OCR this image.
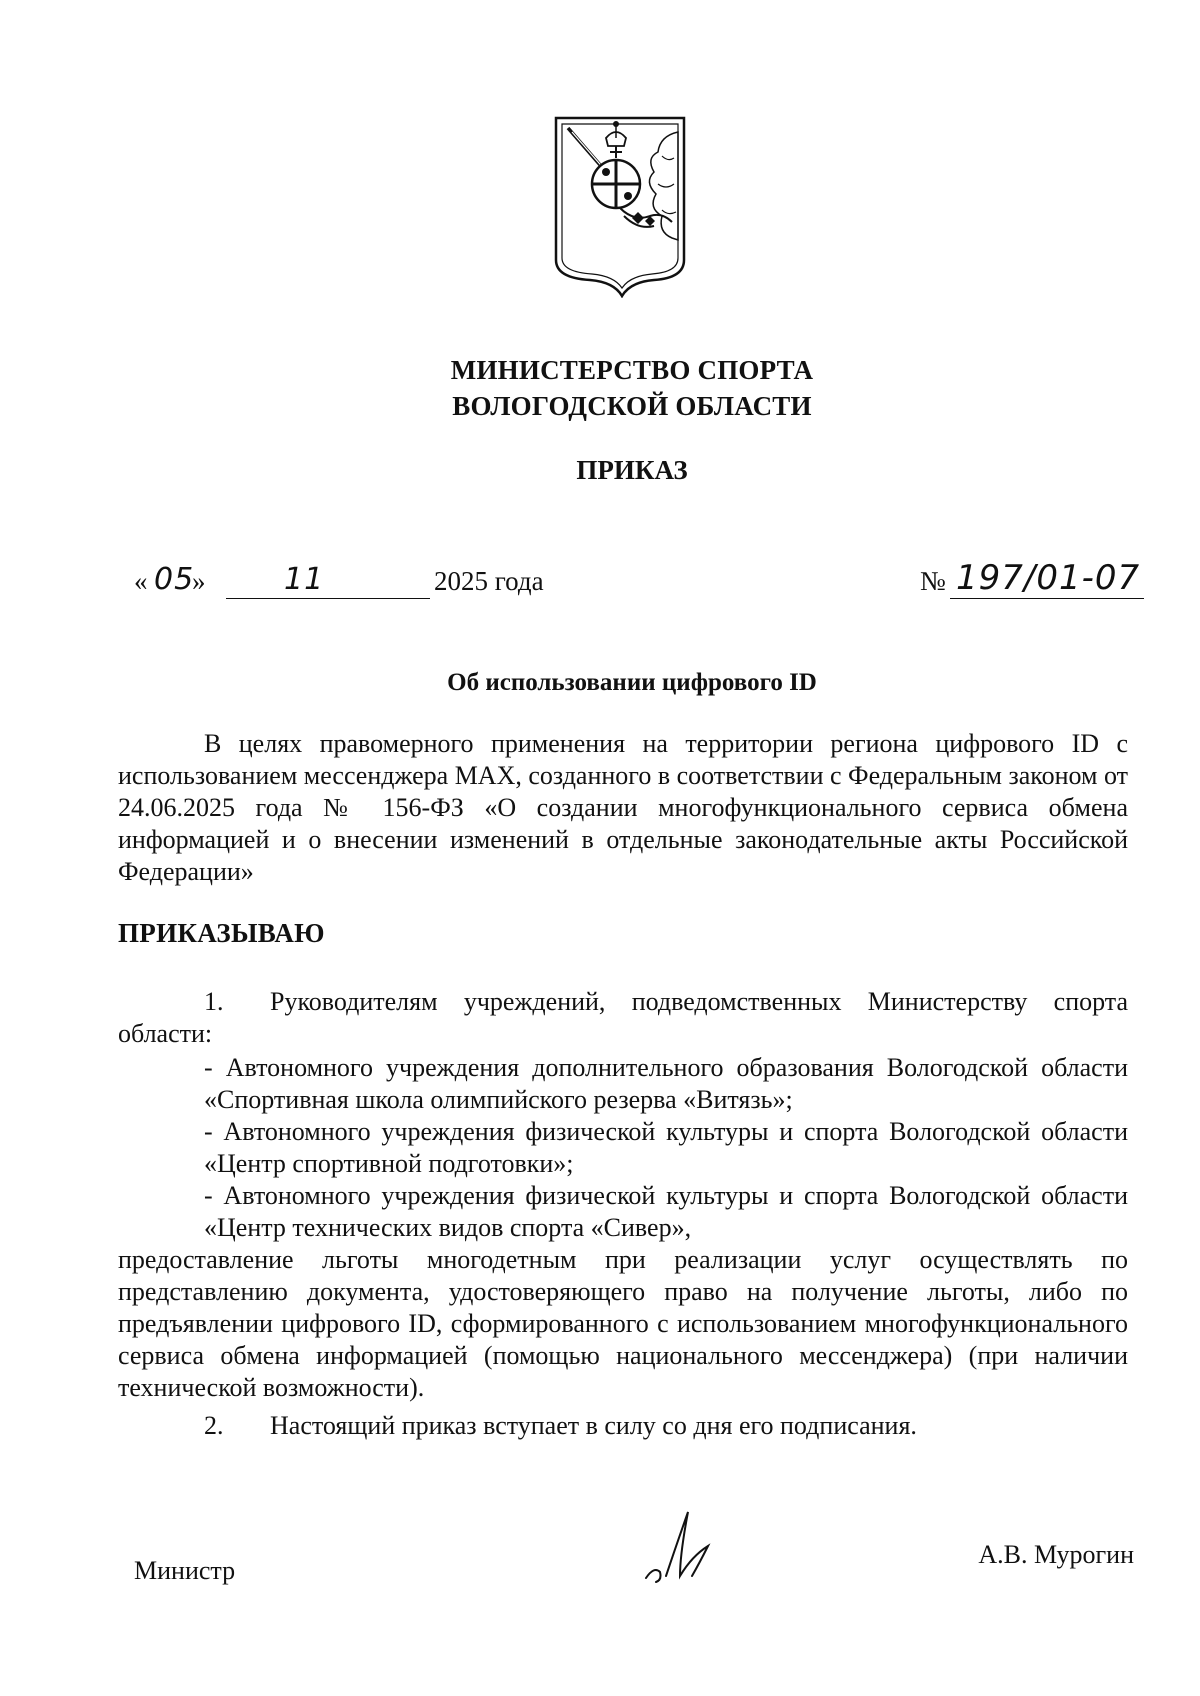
МИНИСТЕРСТВО СПОРТА
ВОЛОГОДСКОЙ ОБЛАСТИ
ПРИКАЗ
« 05
»	11	2025 года	№ 197/01-07
Об использовании цифрового ID
В целях правомерного применения на территории региона цифрового ID с использованием мессенджера MAX, созданного в соответствии с Федеральным законом от 24.06.2025 года № 156-ФЗ «О создании многофункционального сервиса обмена информацией и о внесении изменений в отдельные законодательные акты Российской Федерации»
ПРИКАЗЫВАЮ
1. Руководителям учреждений, подведомственных Министерству спорта области:
- Автономного учреждения дополнительного образования Вологодской области «Спортивная школа олимпийского резерва «Витязь»;
- Автономного учреждения физической культуры и спорта Вологодской области «Центр спортивной подготовки»;
- Автономного учреждения физической культуры и спорта Вологодской области «Центр технических видов спорта «Сивер»,
предоставление льготы многодетным при реализации услуг осуществлять по представлению документа, удостоверяющего право на получение льготы, либо по предъявлении цифрового ID, сформированного с использованием многофункционального сервиса обмена информацией (помощью национального мессенджера) (при наличии технической возможности).
2. Настоящий приказ вступает в силу со дня его подписания.
Министр
А.В. Мурогин
